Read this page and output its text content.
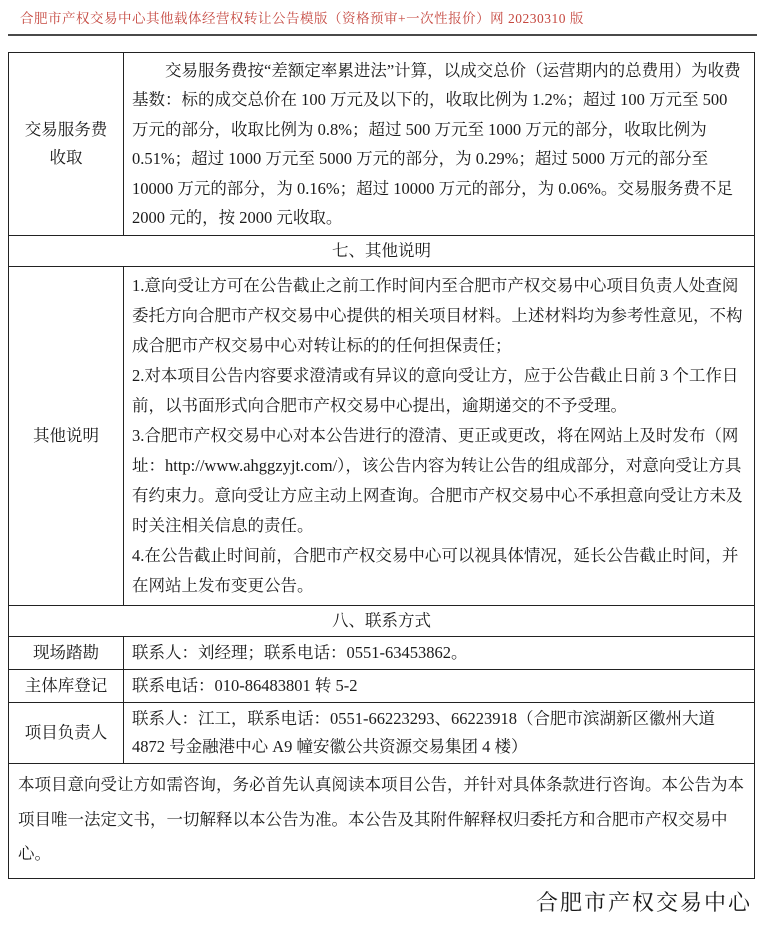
合肥市产权交易中心其他载体经营权转让公告模版（资格预审+一次性报价）网 20230310 版
交易服务费收取	交易服务费按“差额定率累进法”计算，以成交总价（运营期内的总费用）为收费基数：标的成交总价在 100 万元及以下的，收取比例为 1.2%；超过 100 万元至 500 万元的部分，收取比例为 0.8%；超过 500 万元至 1000 万元的部分，收取比例为 0.51%；超过 1000 万元至 5000 万元的部分，为 0.29%；超过 5000 万元的部分至 10000 万元的部分，为 0.16%；超过 10000 万元的部分，为 0.06%。交易服务费不足 2000 元的，按 2000 元收取。

七、其他说明	
其他说明	1.意向受让方可在公告截止之前工作时间内至合肥市产权交易中心项目负责人处查阅委托方向合肥市产权交易中心提供的相关项目材料。上述材料均为参考性意见，不构成合肥市产权交易中心对转让标的的任何担保责任；
2.对本项目公告内容要求澄清或有异议的意向受让方，应于公告截止日前 3 个工作日前，以书面形式向合肥市产权交易中心提出，逾期递交的不予受理。
3.合肥市产权交易中心对本公告进行的澄清、更正或更改，将在网站上及时发布（网址：http://www.ahggzyjt.com/），该公告内容为转让公告的组成部分，对意向受让方具有约束力。意向受让方应主动上网查询。合肥市产权交易中心不承担意向受让方未及时关注相关信息的责任。
4.在公告截止时间前，合肥市产权交易中心可以视具体情况，延长公告截止时间，并在网站上发布变更公告。

八、联系方式	
现场踏勘	联系人：刘经理；联系电话：0551-63453862。
主体库登记	联系电话：010-86483801 转 5-2
项目负责人	联系人：江工，联系电话：0551-66223293、66223918（合肥市滨湖新区徽州大道 4872 号金融港中心 A9 幢安徽公共资源交易集团 4 楼）
本项目意向受让方如需咨询，务必首先认真阅读本项目公告，并针对具体条款进行咨询。本公告为本项目唯一法定文书，一切解释以本公告为准。本公告及其附件解释权归委托方和合肥市产权交易中心。	
合肥市产权交易中心
